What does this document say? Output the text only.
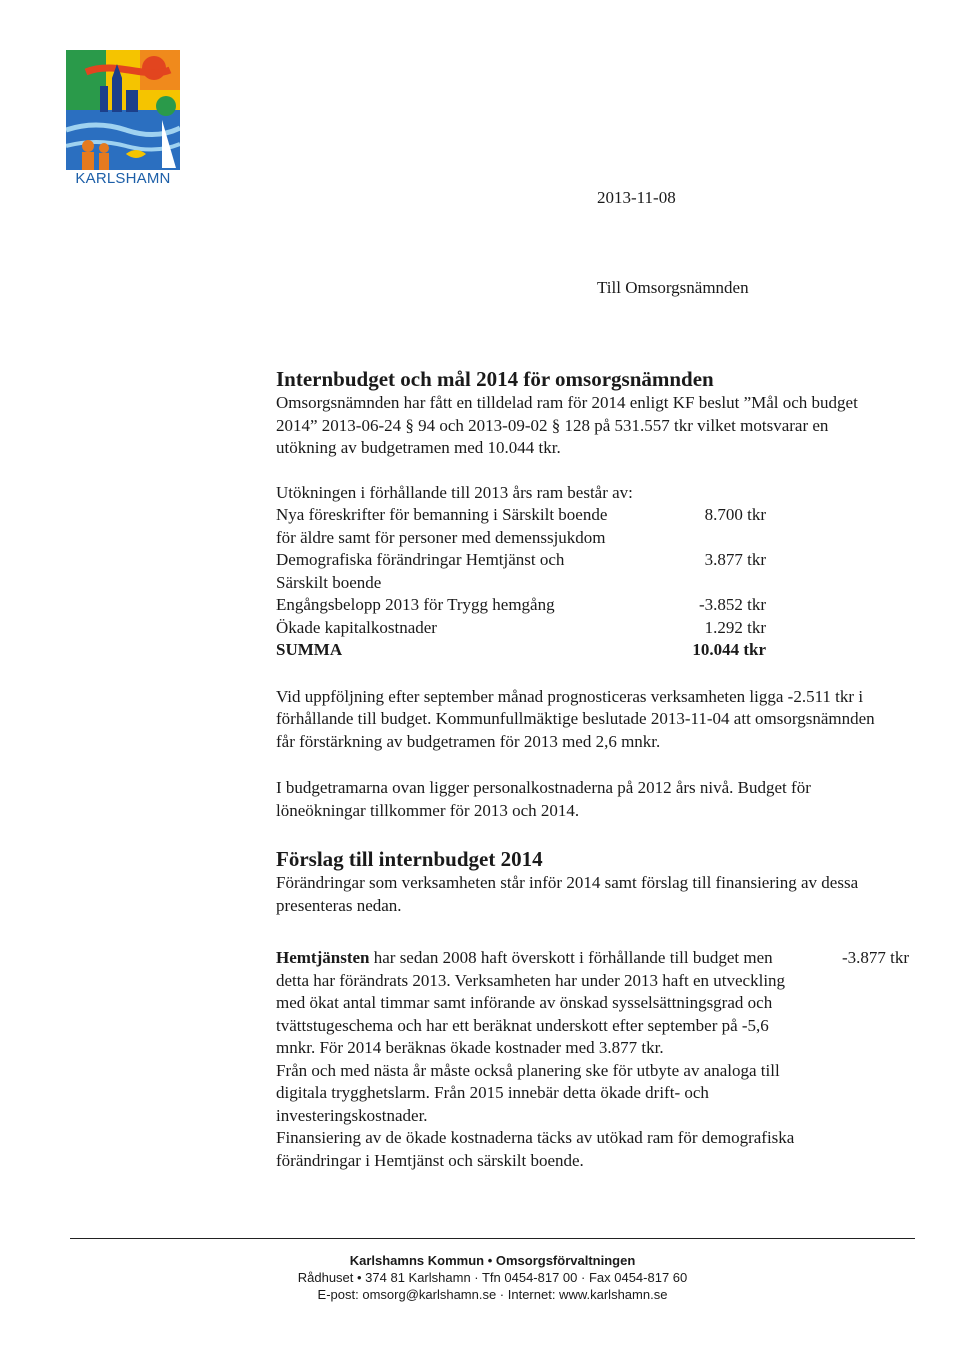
KARLSHAMN
2013-11-08
Till Omsorgsnämnden
Internbudget och mål 2014 för omsorgsnämnden

Omsorgsnämnden har fått en tilldelad ram för 2014 enligt KF beslut ”Mål och budget 2014” 2013-06-24 § 94 och 2013-09-02 § 128 på 531.557 tkr vilket motsvarar en utökning av budgetramen med 10.044 tkr.

Utökningen i förhållande till 2013 års ram består av:

Nya föreskrifter för bemanning i Särskilt boende för äldre samt för personer med demenssjukdom	8.700 tkr
Demografiska förändringar Hemtjänst och Särskilt boende	3.877 tkr
Engångsbelopp 2013 för Trygg hemgång	-3.852 tkr
Ökade kapitalkostnader	1.292 tkr
SUMMA	10.044 tkr

Vid uppföljning efter september månad prognosticeras verksamheten ligga -2.511 tkr i förhållande till budget. Kommunfullmäktige beslutade 2013-11-04 att omsorgsnämnden får förstärkning av budgetramen för 2013 med 2,6 mnkr.

I budgetramarna ovan ligger personalkostnaderna på 2012 års nivå. Budget för löneökningar tillkommer för 2013 och 2014.

Förslag till internbudget 2014

Förändringar som verksamheten står inför 2014 samt förslag till finansiering av dessa presenteras nedan.

Hemtjänsten har sedan 2008 haft överskott i förhållande till budget men detta har förändrats 2013. Verksamheten har under 2013 haft en utveckling med ökat antal timmar samt införande av önskad sysselsättningsgrad och tvättstugeschema och har ett beräknat underskott efter september på -5,6 mnkr. För 2014 beräknas ökade kostnader med 3.877 tkr.

Från och med nästa år måste också planering ske för utbyte av analoga till digitala trygghetslarm. Från 2015 innebär detta ökade drift- och investeringskostnader.

Finansiering av de ökade kostnaderna täcks av utökad ram för demografiska förändringar i Hemtjänst och särskilt boende.

-3.877 tkr
Karlshamns Kommun • Omsorgsförvaltningen
Rådhuset • 374 81 Karlshamn · Tfn 0454-817 00 · Fax 0454-817 60
E-post: omsorg@karlshamn.se · Internet: www.karlshamn.se
